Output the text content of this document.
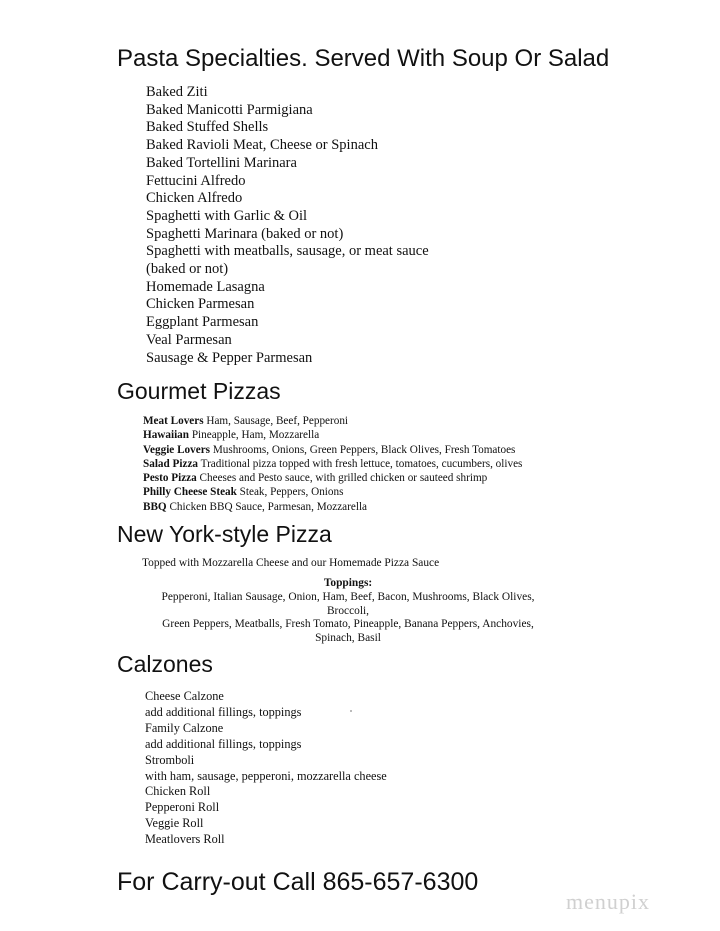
Pasta Specialties. Served With Soup Or Salad
Baked Ziti
Baked Manicotti Parmigiana
Baked Stuffed Shells
Baked Ravioli Meat, Cheese or Spinach
Baked Tortellini Marinara
Fettucini Alfredo
Chicken Alfredo
Spaghetti with Garlic & Oil
Spaghetti Marinara (baked or not)
Spaghetti with meatballs, sausage, or meat sauce
(baked or not)
Homemade Lasagna
Chicken Parmesan
Eggplant Parmesan
Veal Parmesan
Sausage & Pepper Parmesan
Gourmet Pizzas
Meat Lovers Ham, Sausage, Beef, Pepperoni
Hawaiian Pineapple, Ham, Mozzarella
Veggie Lovers Mushrooms, Onions, Green Peppers, Black Olives, Fresh Tomatoes
Salad Pizza Traditional pizza topped with fresh lettuce, tomatoes, cucumbers, olives
Pesto Pizza Cheeses and Pesto sauce, with grilled chicken or sauteed shrimp
Philly Cheese Steak Steak, Peppers, Onions
BBQ Chicken BBQ Sauce, Parmesan, Mozzarella
New York-style Pizza
Topped with Mozzarella Cheese and our Homemade Pizza Sauce
Toppings:
Pepperoni, Italian Sausage, Onion, Ham, Beef, Bacon, Mushrooms, Black Olives,
Broccoli,
Green Peppers, Meatballs, Fresh Tomato, Pineapple, Banana Peppers, Anchovies,
Spinach, Basil
Calzones
Cheese Calzone
add additional fillings, toppings
Family Calzone
add additional fillings, toppings
Stromboli
with ham, sausage, pepperoni, mozzarella cheese
Chicken Roll
Pepperoni Roll
Veggie Roll
Meatlovers Roll
For Carry-out Call 865-657-6300
menupix
